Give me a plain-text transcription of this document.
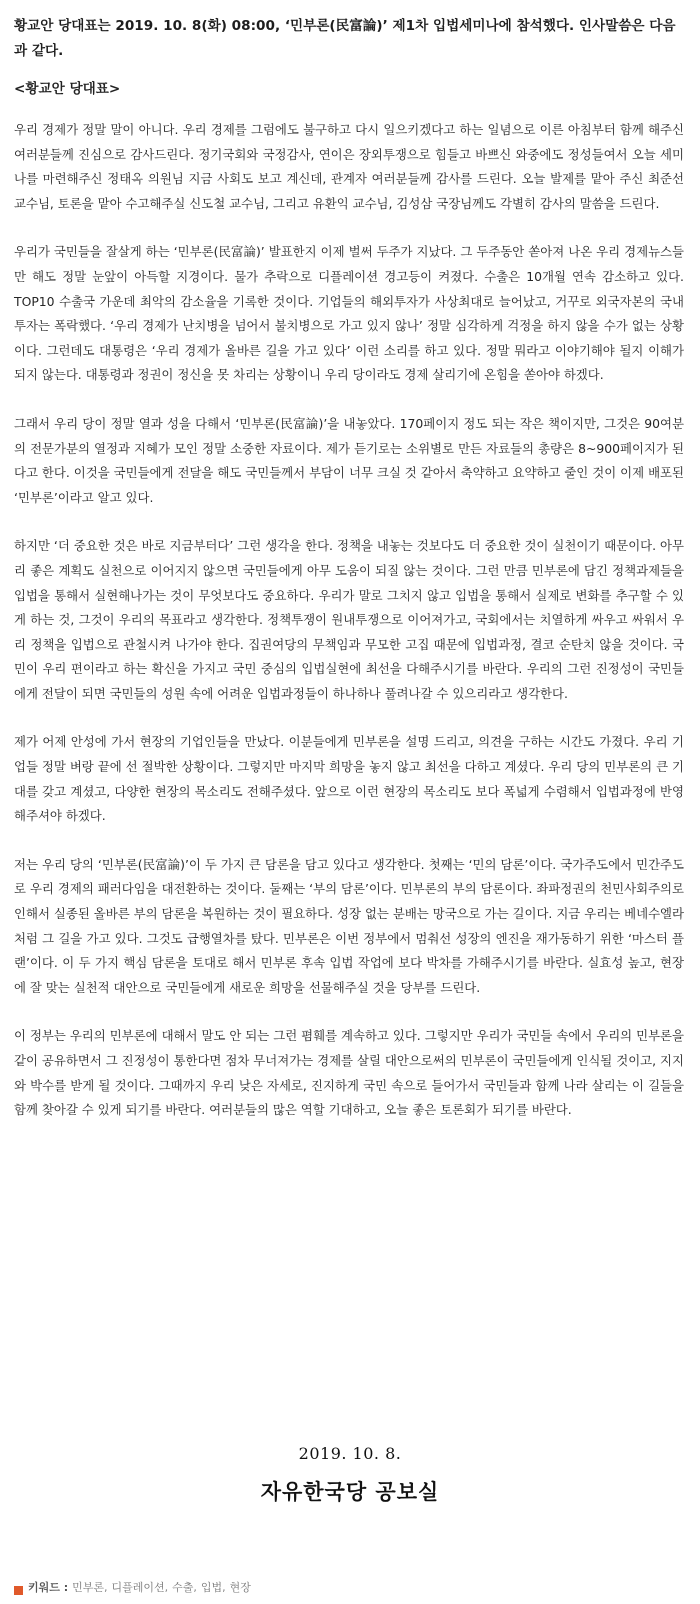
황교안 당대표는 2019. 10. 8(화) 08:00, ‘민부론(民富論)’ 제1차 입법세미나에 참석했다. 인사말씀은 다음과 같다.

<황교안 당대표>

우리 경제가 정말 말이 아니다. 우리 경제를 그럼에도 불구하고 다시 일으키겠다고 하는 일념으로 이른 아침부터 함께 해주신 여러분들께 진심으로 감사드린다. 정기국회와 국정감사, 연이은 장외투쟁으로 힘들고 바쁘신 와중에도 정성들여서 오늘 세미나를 마련해주신 정태옥 의원님 지금 사회도 보고 계신데, 관계자 여러분들께 감사를 드린다. 오늘 발제를 맡아 주신 최준선 교수님, 토론을 맡아 수고해주실 신도철 교수님, 그리고 유환익 교수님, 김성삼 국장님께도 각별히 감사의 말씀을 드린다.

우리가 국민들을 잘살게 하는 ‘민부론(民富論)’ 발표한지 이제 벌써 두주가 지났다. 그 두주동안 쏟아져 나온 우리 경제뉴스들만 해도 정말 눈앞이 아득할 지경이다. 물가 추락으로 디플레이션 경고등이 켜졌다. 수출은 10개월 연속 감소하고 있다. TOP10 수출국 가운데 최악의 감소율을 기록한 것이다. 기업들의 해외투자가 사상최대로 늘어났고, 거꾸로 외국자본의 국내투자는 폭락했다. ‘우리 경제가 난치병을 넘어서 불치병으로 가고 있지 않나’ 정말 심각하게 걱정을 하지 않을 수가 없는 상황이다. 그런데도 대통령은 ‘우리 경제가 올바른 길을 가고 있다’ 이런 소리를 하고 있다. 정말 뭐라고 이야기해야 될지 이해가 되지 않는다. 대통령과 정권이 정신을 못 차리는 상황이니 우리 당이라도 경제 살리기에 온힘을 쏟아야 하겠다.

그래서 우리 당이 정말 열과 성을 다해서 ‘민부론(民富論)’을 내놓았다. 170페이지 정도 되는 작은 책이지만, 그것은 90여분의 전문가분의 열정과 지혜가 모인 정말 소중한 자료이다. 제가 듣기로는 소위별로 만든 자료들의 총량은 8~900페이지가 된다고 한다. 이것을 국민들에게 전달을 해도 국민들께서 부담이 너무 크실 것 같아서 축약하고 요약하고 줄인 것이 이제 배포된 ‘민부론’이라고 알고 있다.

하지만 ‘더 중요한 것은 바로 지금부터다’ 그런 생각을 한다. 정책을 내놓는 것보다도 더 중요한 것이 실천이기 때문이다. 아무리 좋은 계획도 실천으로 이어지지 않으면 국민들에게 아무 도움이 되질 않는 것이다. 그런 만큼 민부론에 담긴 정책과제들을 입법을 통해서 실현해나가는 것이 무엇보다도 중요하다. 우리가 말로 그치지 않고 입법을 통해서 실제로 변화를 추구할 수 있게 하는 것, 그것이 우리의 목표라고 생각한다. 정책투쟁이 원내투쟁으로 이어져가고, 국회에서는 치열하게 싸우고 싸워서 우리 정책을 입법으로 관철시켜 나가야 한다. 집권여당의 무책임과 무모한 고집 때문에 입법과정, 결코 순탄치 않을 것이다. 국민이 우리 편이라고 하는 확신을 가지고 국민 중심의 입법실현에 최선을 다해주시기를 바란다. 우리의 그런 진정성이 국민들에게 전달이 되면 국민들의 성원 속에 어려운 입법과정들이 하나하나 풀려나갈 수 있으리라고 생각한다.

제가 어제 안성에 가서 현장의 기업인들을 만났다. 이분들에게 민부론을 설명 드리고, 의견을 구하는 시간도 가졌다. 우리 기업들 정말 벼랑 끝에 선 절박한 상황이다. 그렇지만 마지막 희망을 놓지 않고 최선을 다하고 계셨다. 우리 당의 민부론의 큰 기대를 갖고 계셨고, 다양한 현장의 목소리도 전해주셨다. 앞으로 이런 현장의 목소리도 보다 폭넓게 수렴해서 입법과정에 반영해주셔야 하겠다.

저는 우리 당의 ‘민부론(民富論)’이 두 가지 큰 담론을 담고 있다고 생각한다. 첫째는 ‘민의 담론’이다. 국가주도에서 민간주도로 우리 경제의 패러다임을 대전환하는 것이다. 둘째는 ‘부의 담론’이다. 민부론의 부의 담론이다. 좌파정권의 천민사회주의로 인해서 실종된 올바른 부의 담론을 복원하는 것이 필요하다. 성장 없는 분배는 망국으로 가는 길이다. 지금 우리는 베네수엘라처럼 그 길을 가고 있다. 그것도 급행열차를 탔다. 민부론은 이번 정부에서 멈춰선 성장의 엔진을 재가동하기 위한 ‘마스터 플랜’이다. 이 두 가지 핵심 담론을 토대로 해서 민부론 후속 입법 작업에 보다 박차를 가해주시기를 바란다. 실효성 높고, 현장에 잘 맞는 실천적 대안으로 국민들에게 새로운 희망을 선물해주실 것을 당부를 드린다.

이 정부는 우리의 민부론에 대해서 말도 안 되는 그런 폄훼를 계속하고 있다. 그렇지만 우리가 국민들 속에서 우리의 민부론을 같이 공유하면서 그 진정성이 통한다면 점차 무너져가는 경제를 살릴 대안으로써의 민부론이 국민들에게 인식될 것이고, 지지와 박수를 받게 될 것이다. 그때까지 우리 낮은 자세로, 진지하게 국민 속으로 들어가서 국민들과 함께 나라 살리는 이 길들을 함께 찾아갈 수 있게 되기를 바란다. 여러분들의 많은 역할 기대하고, 오늘 좋은 토론회가 되기를 바란다.

2019. 10. 8.
자유한국당 공보실
키워드 : 민부론, 디플레이션, 수출, 입법, 현장
